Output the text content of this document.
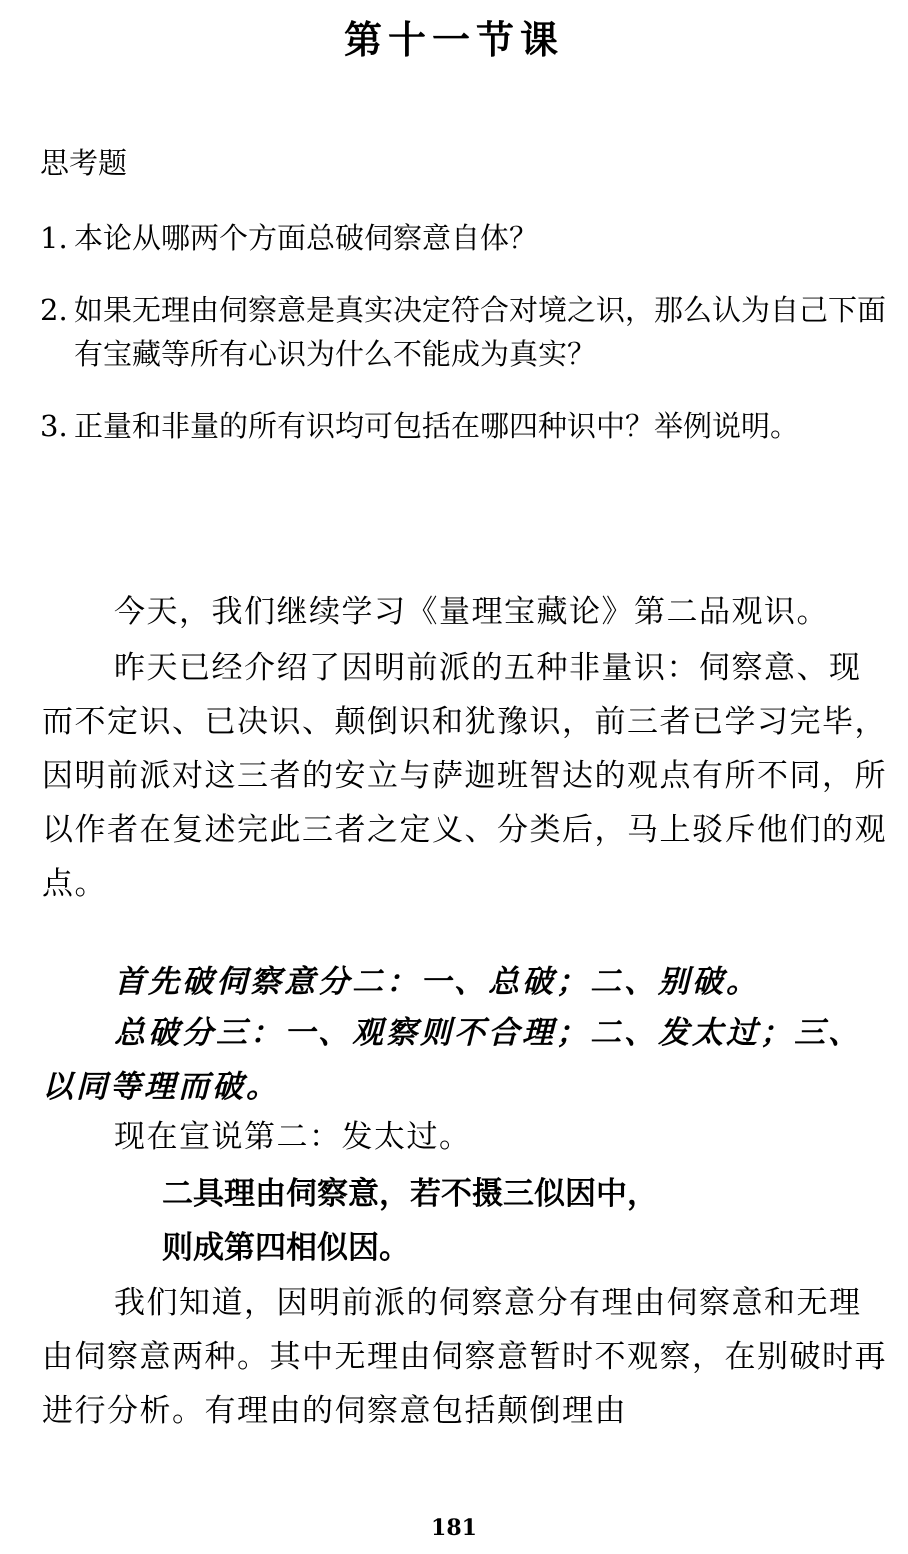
第十一节课
思考题
1. 本论从哪两个方面总破伺察意自体？
2. 如果无理由伺察意是真实决定符合对境之识，那么认为自己下面有宝藏等所有心识为什么不能成为真实？
3. 正量和非量的所有识均可包括在哪四种识中？举例说明。

今天，我们继续学习《量理宝藏论》第二品观识。

昨天已经介绍了因明前派的五种非量识：伺察意、现而不定识、已决识、颠倒识和犹豫识，前三者已学习完毕，因明前派对这三者的安立与萨迦班智达的观点有所不同，所以作者在复述完此三者之定义、分类后，马上驳斥他们的观点。

首先破伺察意分二：一、总破；二、别破。

总破分三：一、观察则不合理；二、发太过；三、以同等理而破。

现在宣说第二：发太过。

二具理由伺察意，若不摄三似因中，
则成第四相似因。

我们知道，因明前派的伺察意分有理由伺察意和无理由伺察意两种。其中无理由伺察意暂时不观察，在别破时再进行分析。有理由的伺察意包括颠倒理由

181
